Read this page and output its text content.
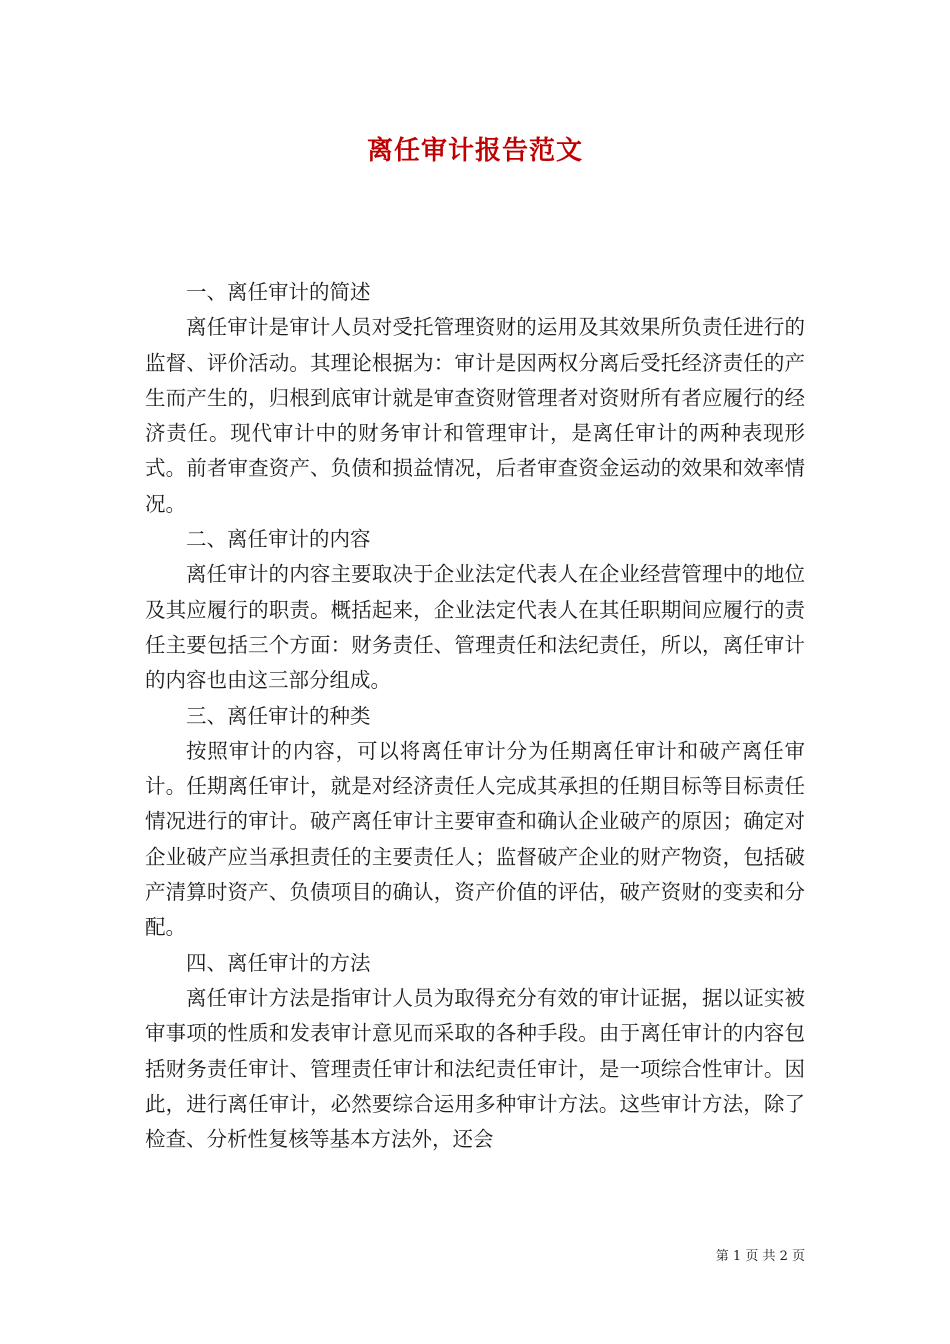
离任审计报告范文

一、离任审计的简述

离任审计是审计人员对受托管理资财的运用及其效果所负责任进行的监督、评价活动。其理论根据为：审计是因两权分离后受托经济责任的产生而产生的，归根到底审计就是审查资财管理者对资财所有者应履行的经济责任。现代审计中的财务审计和管理审计，是离任审计的两种表现形式。前者审查资产、负债和损益情况，后者审查资金运动的效果和效率情况。

二、离任审计的内容

离任审计的内容主要取决于企业法定代表人在企业经营管理中的地位及其应履行的职责。概括起来，企业法定代表人在其任职期间应履行的责任主要包括三个方面：财务责任、管理责任和法纪责任，所以，离任审计的内容也由这三部分组成。

三、离任审计的种类

按照审计的内容，可以将离任审计分为任期离任审计和破产离任审计。任期离任审计，就是对经济责任人完成其承担的任期目标等目标责任情况进行的审计。破产离任审计主要审查和确认企业破产的原因；确定对企业破产应当承担责任的主要责任人；监督破产企业的财产物资，包括破产清算时资产、负债项目的确认，资产价值的评估，破产资财的变卖和分配。

四、离任审计的方法

离任审计方法是指审计人员为取得充分有效的审计证据，据以证实被审事项的性质和发表审计意见而采取的各种手段。由于离任审计的内容包括财务责任审计、管理责任审计和法纪责任审计，是一项综合性审计。因此，进行离任审计，必然要综合运用多种审计方法。这些审计方法，除了检查、分析性复核等基本方法外，还会

第 1 页 共 2 页
